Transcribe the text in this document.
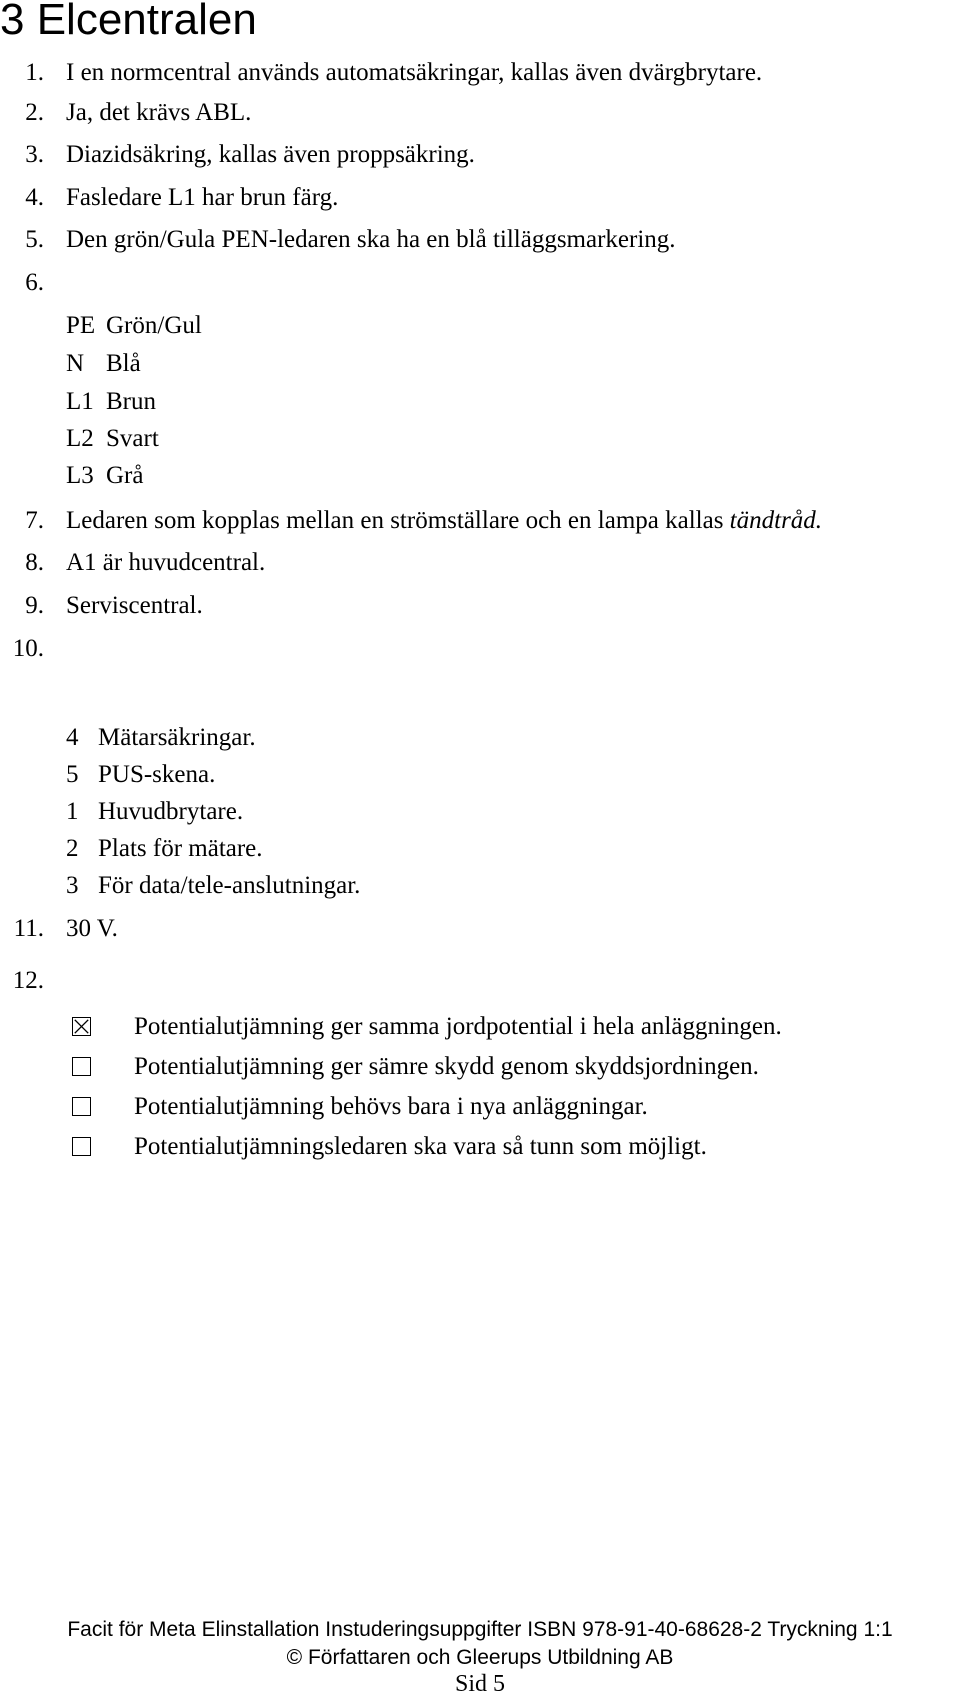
3 Elcentralen
1. I en normcentral används automatsäkringar, kallas även dvärgbrytare.
2. Ja, det krävs ABL.
3. Diazidsäkring, kallas även proppsäkring.
4. Fasledare L1 har brun färg.
5. Den grön/Gula PEN-ledaren ska ha en blå tilläggsmarkering.
6.
PE Grön/Gul
N Blå
L1 Brun
L2 Svart
L3 Grå
7. Ledaren som kopplas mellan en strömställare och en lampa kallas tändtråd.
8. A1 är huvudcentral.
9. Serviscentral.
10.
4 Mätarsäkringar.
5 PUS-skena.
1 Huvudbrytare.
2 Plats för mätare.
3 För data/tele-anslutningar.
11. 30 V.
12.
Potentialutjämning ger samma jordpotential i hela anläggningen.
Potentialutjämning ger sämre skydd genom skyddsjordningen.
Potentialutjämning behövs bara i nya anläggningar.
Potentialutjämningsledaren ska vara så tunn som möjligt.
Facit för Meta Elinstallation Instuderingsuppgifter ISBN 978-91-40-68628-2 Tryckning 1:1
© Författaren och Gleerups Utbildning AB
Sid 5
